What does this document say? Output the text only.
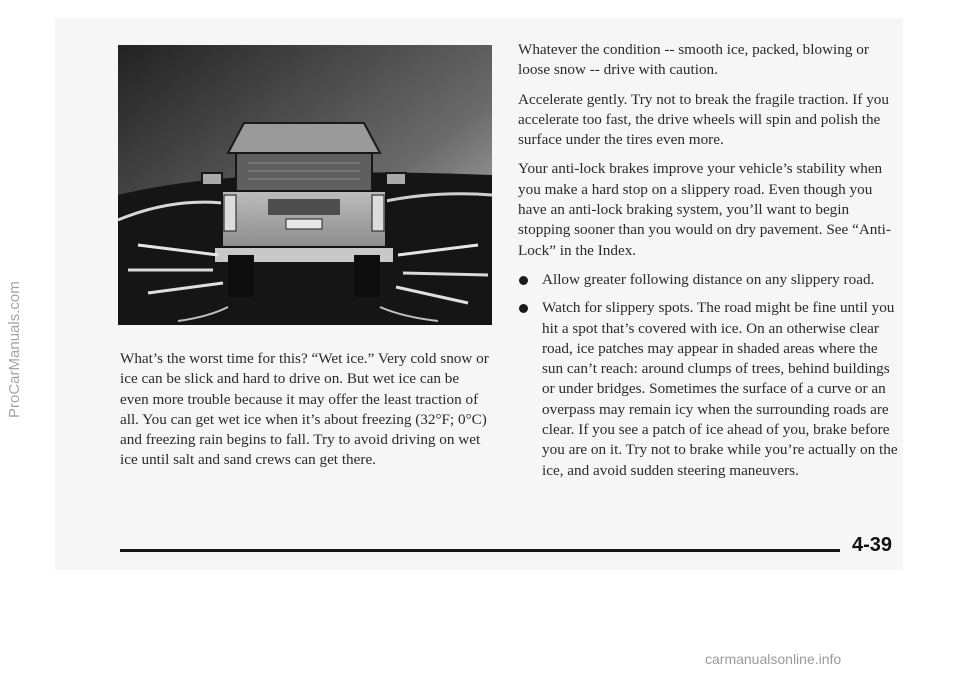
ProCarManuals.com	What’s the worst time for this? “Wet ice.” Very cold snow or ice can be slick and hard to drive on. But wet ice can be even more trouble because it may offer the least traction of all. You can get wet ice when it’s about freezing (32°F; 0°C) and freezing rain begins to fall. Try to avoid driving on wet ice until salt and sand crews can get there.

Whatever the condition -- smooth ice, packed, blowing or loose snow -- drive with caution.

Accelerate gently. Try not to break the fragile traction. If you accelerate too fast, the drive wheels will spin and polish the surface under the tires even more.

Your anti-lock brakes improve your vehicle’s stability when you make a hard stop on a slippery road. Even though you have an anti-lock braking system, you’ll want to begin stopping sooner than you would on dry pavement. See “Anti-Lock” in the Index.

Allow greater following distance on any slippery road.
Watch for slippery spots. The road might be fine until you hit a spot that’s covered with ice. On an otherwise clear road, ice patches may appear in shaded areas where the sun can’t reach: around clumps of trees, behind buildings or under bridges. Sometimes the surface of a curve or an overpass may remain icy when the surrounding roads are clear. If you see a patch of ice ahead of you, brake before you are on it. Try not to brake while you’re actually on the ice, and avoid sudden steering maneuvers.
4-39
carmanualsonline.info
